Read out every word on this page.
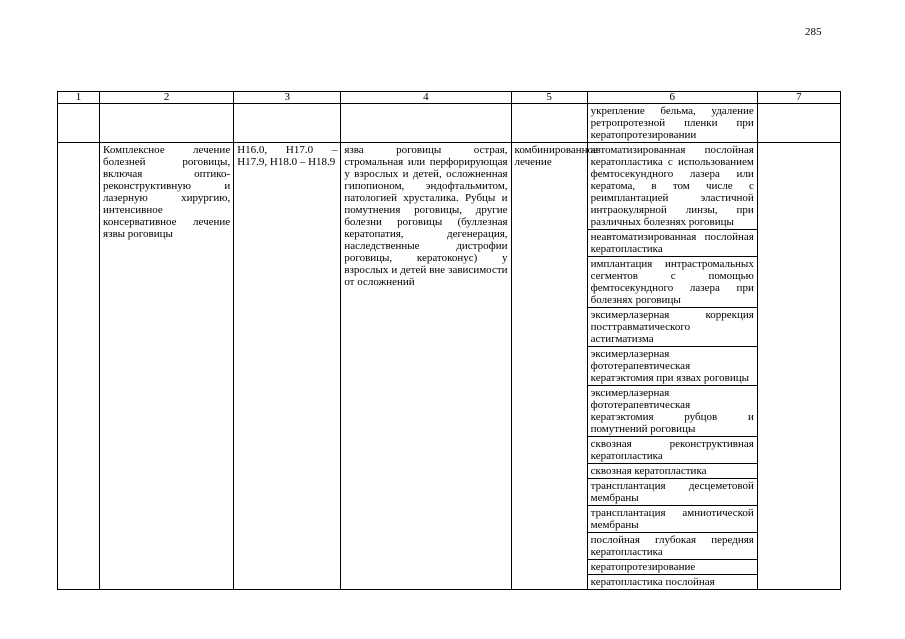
285
1	2	3	4	5	6	7
					укрепление бельма, удаление ретропротезной пленки при кератопротезировании	
	Комплексное лечение болезней роговицы, включая оптико-реконструктивную и лазерную хирургию, интенсивное консервативное лечение язвы роговицы	H16.0, H17.0 – H17.9, H18.0 – H18.9	язва роговицы острая, стромальная или перфорирующая у взрослых и детей, осложненная гипопионом, эндофтальмитом, патологией хрусталика. Рубцы и помутнения роговицы, другие болезни роговицы (буллезная кератопатия, дегенерация, наследственные дистрофии роговицы, кератоконус) у взрослых и детей вне зависимости от осложнений	комбинированное лечение	автоматизированная послойная кератопластика с использованием фемтосекундного лазера или кератома, в том числе с реимплантацией эластичной интраокулярной линзы, при различных болезнях роговицы	
					неавтоматизированная послойная кератопластика	
					имплантация интрастромальных сегментов с помощью фемтосекундного лазера при болезнях роговицы	
					эксимерлазерная коррекция посттравматического астигматизма	
					эксимерлазерная фототерапевтическая кератэктомия при язвах роговицы	
					эксимерлазерная фототерапевтическая кератэктомия рубцов и помутнений роговицы	
					сквозная реконструктивная кератопластика	
					сквозная кератопластика	
					трансплантация десцеметовой мембраны	
					трансплантация амниотической мембраны	
					послойная глубокая передняя кератопластика	
					кератопротезирование	
					кератопластика послойная	
